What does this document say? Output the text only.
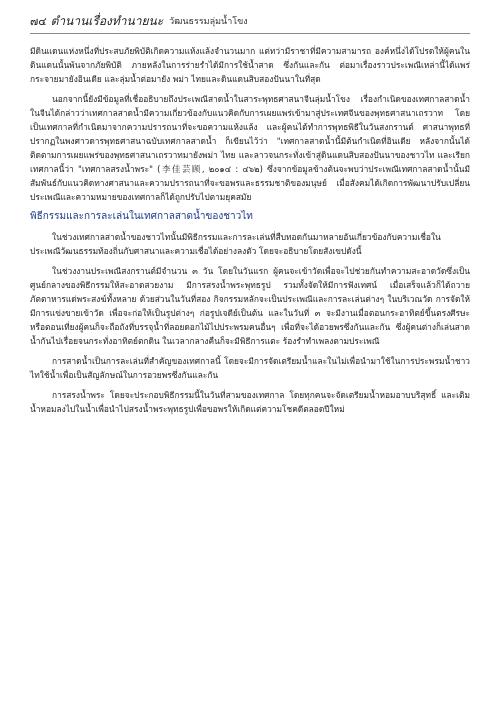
๗๔ ตำนานเรื่องทำนายนะ วัฒนธรรมลุ่มน้ำโขง

มีดินแดนแห่งหนึ่งที่ประสบภัยพิบัติเกิดความแห้งแล้งจำนวนมาก แต่ทว่ามีราชาที่มีความสามารถ องค์หนึ่งได้โปรดให้ผู้คนในดินแดนนั้นพ้นจากภัยพิบัติ ภายหลังในการร่ายรำได้มีการใช้น้ำสาด ซึ่งกันและกัน ต่อมาเรื่องราวประเพณีเหล่านี้ได้แพร่กระจายมายังอินเดีย และลุ่มน้ำต่อมายัง พม่า ไทยและดินแดนสิบสองปันนาในที่สุด

นอกจากนี้ยังมีข้อมูลที่เชื่ออธิบายถึงประเพณีสาดน้ำในสาระพุทธศาสนาจีนลุ่มน้ำโขง เรื่องกำเนิดของเทศกาลสาดน้ำในจีนได้กล่าวว่าเทศกาลสาดน้ำมีความเกี่ยวข้องกับแนวคิดกับการเผยแพร่เข้ามาสู่ประเทศจีนของพุทธศาสนาเถรวาท โดยเป็นเทศกาลที่กำเนิดมาจากความปรารถนาที่จะขอความแห้งแล้ง และผู้คนได้ทำการพุทธพิธีในวันสงกรานต์ ศาสนาพุทธที่ปรากฏในพงศาวดารพุทธศาสนาฉบับเทศกาลสาดน้ำ ก็เขียนไว้ว่า "เทศกาลสาดน้ำนี้มีต้นกำเนิดที่อินเดีย หลังจากนั้นได้ติดตามการเผยแพร่ของพุทธศาสนาเถรวาทมายังพม่า ไทย และลาวจนกระทั่งเข้าสู่ดินแดนสิบสองปันนาของชาวไท และเรียกเทศกาลนี้ว่า "เทศกาลสรงน้ำพระ" (李佳芸顾, ๒๐๑๔ : ๔๖๒) ซึ่งจากข้อมูลข้างต้นจะพบว่าประเพณีเทศกาลสาดน้ำนั้นมีสัมพันธ์กับแนวคิดทางศาสนาและความปรารถนาที่จะขอพรและธรรมชาติของมนุษย์ เมื่อสังคมได้เกิดการพัฒนาปรับเปลี่ยนประเพณีและความหมายของเทศกาลก็ได้ถูกปรับไปตามยุคสมัย

พิธีกรรมและการละเล่นในเทศกาลสาดน้ำของชาวไท

ในช่วงเทศกาลสาดน้ำของชาวไทนั้นมีพิธีกรรมและการละเล่นที่สืบทอดกันมาหลายอันเกี่ยวข้องกับความเชื่อในประเพณีวัฒนธรรมท้องถิ่นกับศาสนาและความเชื่อได้อย่างลงตัว โดยจะอธิบายโดยสังเขปดังนี้

ในช่วงงานประเพณีสงกรานต์มีจำนวน ๓ วัน โดยในวันแรก ผู้คนจะเข้าวัดเพื่อจะไปช่วยกันทำความสะอาดวัดซึ่งเป็นศูนย์กลางของพิธีกรรมให้สะอาดสวยงาม มีการสรงน้ำพระพุทธรูป รวมทั้งจัดให้มีการฟังเทศน์ เมื่อเสร็จแล้วก็ได้ถวายภัตตาหารแด่พระสงฆ์ทั้งหลาย ด้วยส่วนในวันที่สอง กิจกรรมหลักจะเป็นประเพณีและการละเล่นต่างๆ ในบริเวณวัด การจัดให้มีการแข่งขายเข้าวัด เพื่อจะก่อให้เป็นรูปต่างๆ ก่อรูปเจดีย์เป็นต้น และในวันที่ ๓ จะมีงานเมื่อตอนกระอาทิตย์ขึ้นตรงศีรษะหรือตอนเที่ยงผู้คนก็จะถือถังที่บรรจุน้ำที่ลอยดอกไม้ไปประพรมคนอื่นๆ เพื่อที่จะได้อวยพรซึ่งกันและกัน ซึ่งผู้คนต่างก็เล่นสาดน้ำกันไปเรื่อยจนกระทั่งอาทิตย์ตกดิน ในเวลากลางคืนก็จะมีพิธีการแตะ ร้องรำทำเพลงตามประเพณี

การสาดน้ำเป็นการละเล่นที่สำคัญของเทศกาลนี้ โดยจะมีการจัดเตรียมน้ำและในไม่เพื่อนำมาใช้ในการประพรมน้ำชาวไทใช้น้ำเพื่อเป็นสัญลักษณ์ในการอวยพรซึ่งกันและกัน

การสรงน้ำพระ โดยจะประกอบพิธีกรรมนี้ในวันที่สามของเทศกาล โดยทุกคนจะจัดเตรียมน้ำหอมอาบบริสุทธิ์ และเติมน้ำหอมลงไปในน้ำเพื่อนำไปสรงน้ำพระพุทธรูปเพื่อขอพรให้เกิดแต่ความโชคดีตลอดปีใหม่
